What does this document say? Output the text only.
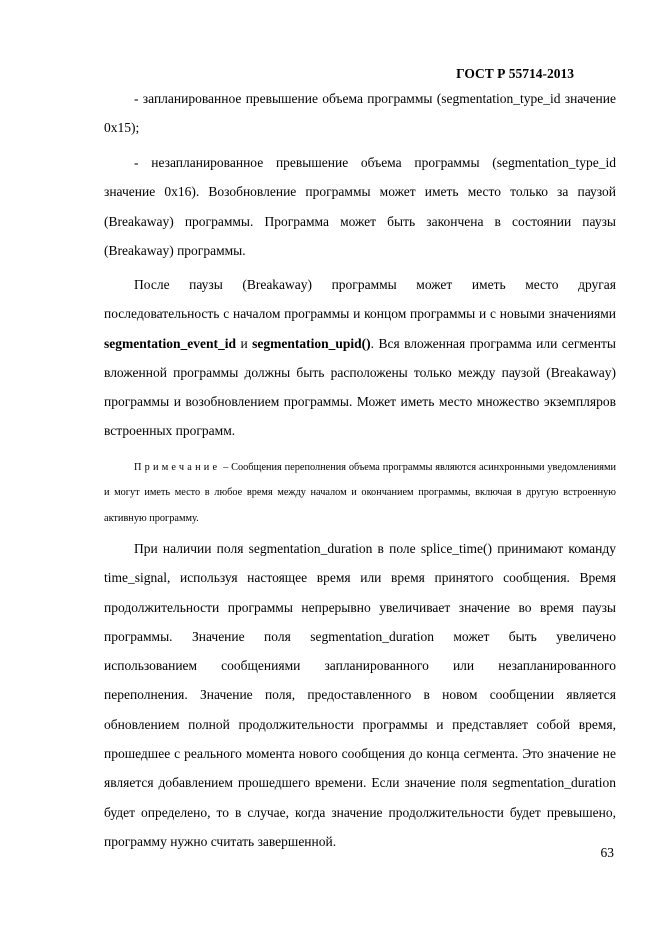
ГОСТ Р 55714-2013

- запланированное превышение объема программы (segmentation_type_id значение 0x15);

- незапланированное превышение объема программы (segmentation_type_id значение 0x16). Возобновление программы может иметь место только за паузой (Breakaway) программы. Программа может быть закончена в состоянии паузы (Breakaway) программы.

После паузы (Breakaway) программы может иметь место другая последовательность с началом программы и концом программы и с новыми значениями segmentation_event_id и segmentation_upid(). Вся вложенная программа или сегменты вложенной программы должны быть расположены только между паузой (Breakaway) программы и возобновлением программы. Может иметь место множество экземпляров встроенных программ.

Примечание – Сообщения переполнения объема программы являются асинхронными уведомлениями и могут иметь место в любое время между началом и окончанием программы, включая в другую встроенную активную программу.

При наличии поля segmentation_duration в поле splice_time() принимают команду time_signal, используя настоящее время или время принятого сообщения. Время продолжительности программы непрерывно увеличивает значение во время паузы программы. Значение поля segmentation_duration может быть увеличено использованием сообщениями запланированного или незапланированного переполнения. Значение поля, предоставленного в новом сообщении является обновлением полной продолжительности программы и представляет собой время, прошедшее с реального момента нового сообщения до конца сегмента. Это значение не является добавлением прошедшего времени. Если значение поля segmentation_duration будет определено, то в случае, когда значение продолжительности будет превышено, программу нужно считать завершенной.

63
